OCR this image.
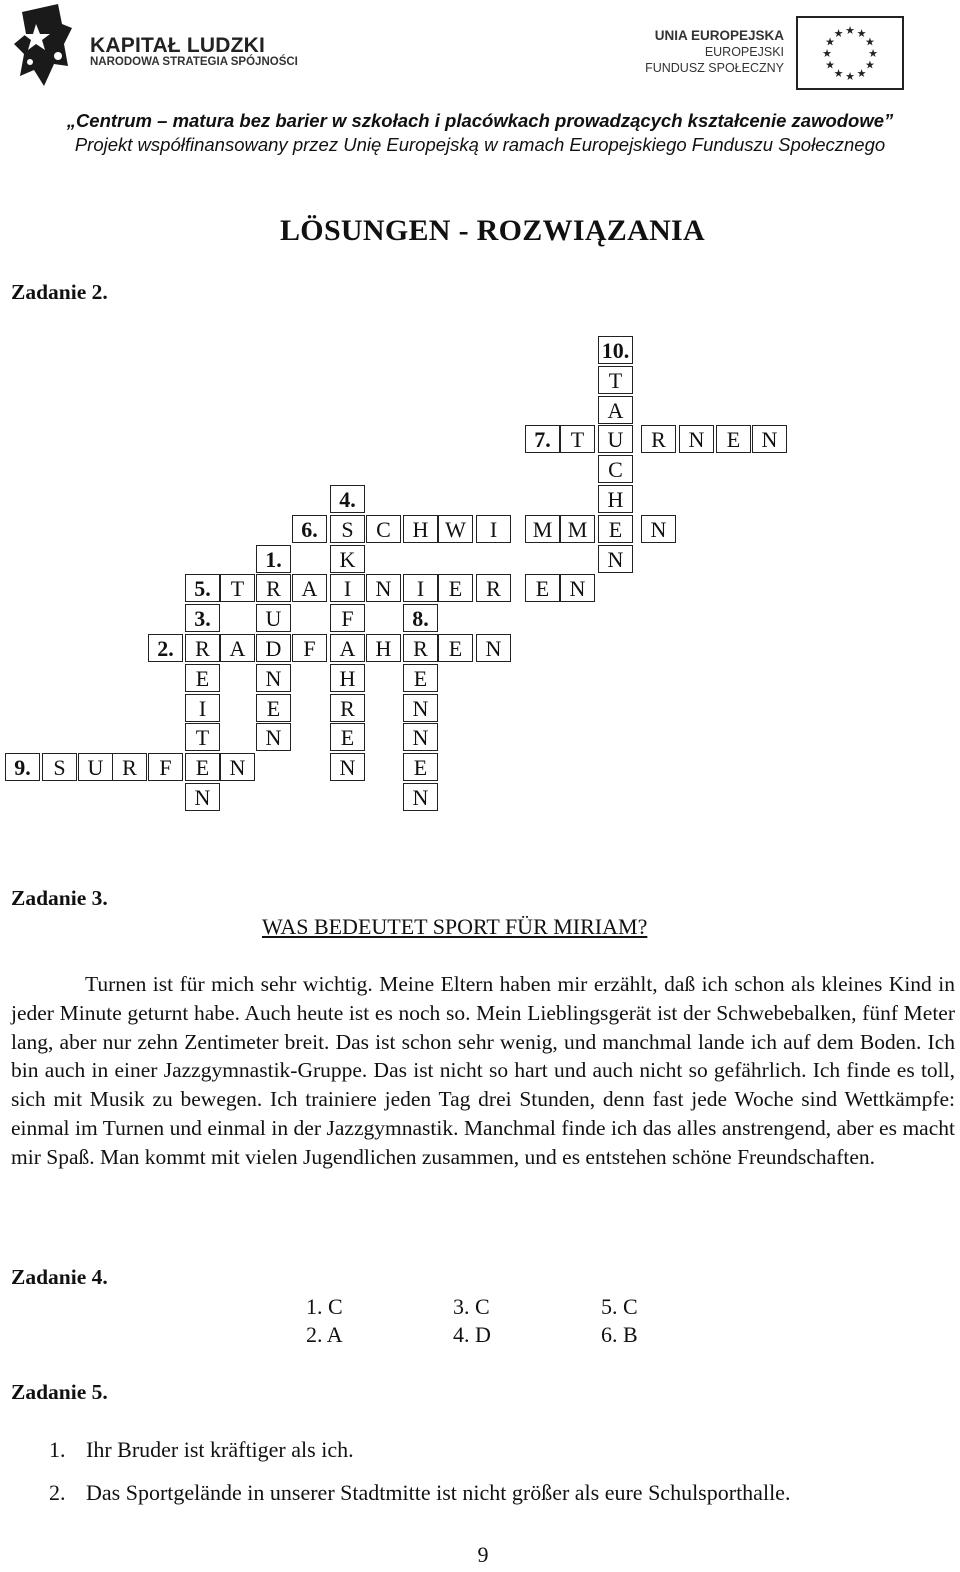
KAPITAŁ LUDZKI
NARODOWA STRATEGIA SPÓJNOŚCI
UNIA EUROPEJSKA
EUROPEJSKI
FUNDUSZ SPOŁECZNY
★ ★
★
★
★
★
★
★
★
★
★
★
„Centrum – matura bez barier w szkołach i placówkach prowadzących kształcenie zawodowe”
Projekt współfinansowany przez Unię Europejską w ramach Europejskiego Funduszu Społecznego
LÖSUNGEN - ROZWIĄZANIA
Zadanie 2.
10.
7.
4.
6.
1.
5.
3.	8.
2.
9.
T
A
U
C
H
E
N
T	R	N	E N
S
K
I
F
A
H
R
E
N
C H W	I	M M	N
R
U
D
N
E
N
T	A	N	I	E	R	E N
R
E
I
T
E
N
R
E
N
N
E
N
A	F	H	E	N
S U R	F	N
Zadanie 3.
WAS BEDEUTET SPORT FÜR MIRIAM?

Turnen ist für mich sehr wichtig. Meine Eltern haben mir erzählt, daß ich schon als kleines Kind in jeder Minute geturnt habe. Auch heute ist es noch so. Mein Lieblingsgerät ist der Schwebebalken, fünf Meter lang, aber nur zehn Zentimeter breit. Das ist schon sehr wenig, und manchmal lande ich auf dem Boden. Ich bin auch in einer Jazzgymnastik-Gruppe. Das ist nicht so hart und auch nicht so gefährlich. Ich finde es toll, sich mit Musik zu bewegen. Ich trainiere jeden Tag drei Stunden, denn fast jede Woche sind Wettkämpfe: einmal im Turnen und einmal in der Jazzgymnastik. Manchmal finde ich das alles anstrengend, aber es macht mir Spaß. Man kommt mit vielen Jugendlichen zusammen, und es entstehen schöne Freundschaften.

Zadanie 4.
1. C
2. A
3. C
4. D
5. C
6. B
Zadanie 5.
1. Ihr Bruder ist kräftiger als ich.
2. Das Sportgelände in unserer Stadtmitte ist nicht größer als eure Schulsporthalle.
9
